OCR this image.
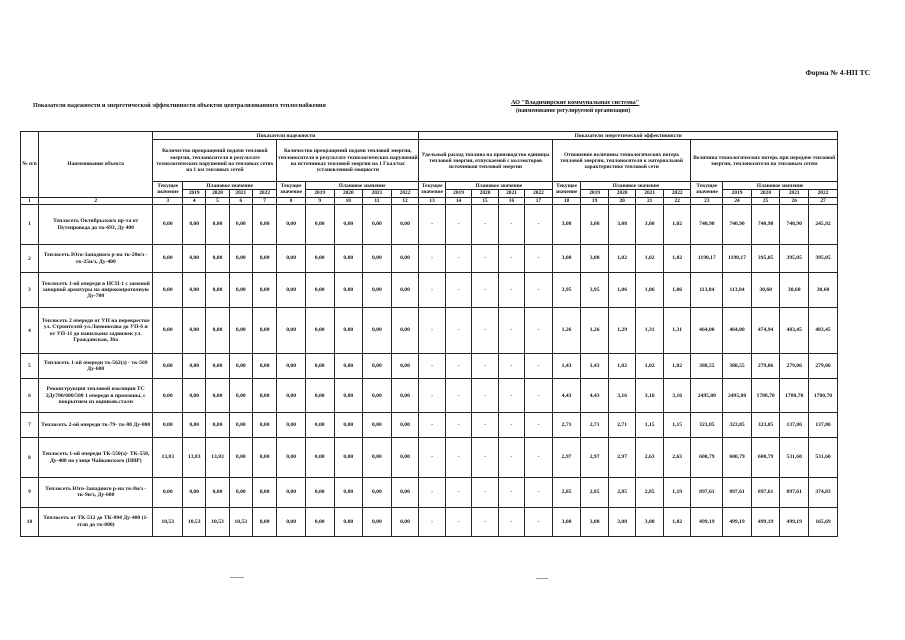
Форма № 4-НП ТС
Показатели надежности и энергетической эффективности объектов централизованного теплоснабжения	АО "Владимирские коммунальные системы"
(наименование регулируемой организации)
№ п/п	Наименование объекта	Показатели надежности										Показатели энергетической эффективности														
		Количество прекращений подачи тепловой энергии, теплоносителя в результате технологических нарушений на тепловых сетях на 1 км тепловых сетей					Количество прекращений подачи тепловой энергии, теплоносителя в результате технологических нарушений на источниках тепловой энергии на 1 Гкал/час установленной мощности					Удельный расход топлива на производство единицы тепловой энергии, отпускаемой с коллекторов источников тепловой энергии					Отношение величины технологических потерь тепловой энергии, теплоносителя к материальной характеристике тепловой сети					Величина технологических потерь при передаче тепловой энергии, теплоносителя по тепловым сетям				
		Текущее значение	Плановое значение				Текущее значение	Плановое значение				Текущее значение	Плановое значение				Текущее значение	Плановое значение				Текущее значение	Плановое значение			
			2019	2020	2021	2022		2019	2020	2021	2022		2019	2020	2021	2022		2019	2020	2021	2022		2019	2020	2021	2022
1	2	3	4	5	6	7	8	9	10	11	12	13	14	15	16	17	18	19	20	21	22	23	24	25	26	27
1	Теплосеть Октябрьского пр-та от Путепровода до тк-693, Ду 400	0,00	0,00	0,00	0,00	0,00	0,00	0,00	0,00	0,00	0,00	-	-	-	-	-	3,08	3,08	3,08	3,08	1,02	740,90	740,90	740,90	740,90	245,92
2	Теплосеть Юго-Западного р-на тк-20н/з - тк-25н/з, Ду-400	0,00	0,00	0,00	0,00	0,00	0,00	0,00	0,00	0,00	0,00	-	-	-	-	-	3,08	3,08	1,02	1,02	1,02	1190,17	1190,17	395,05	395,05	395,05
3	Теплосеть 1-ой очереди в НСП-1 с заменой запорной арматуры на широкопроточную Ду-700	0,00	0,00	0,00	0,00	0,00	0,00	0,00	0,00	0,00	0,00	-	-	-	-	-	3,95	3,95	1,06	1,06	1,06	113,84	113,84	30,60	30,60	30,60
4	Теплосеть 2 очереди от УП на перекрестке ул. Строителей-ул.Ломоносова до УП-6 и от УП-11 до павильона задвижек ул. Гражданская, 36а	0,00	0,00	0,00	0,00	0,00	0,00	0,00	0,00	0,00	0,00	-	-	-	-	-	1,26	1,26	1,29	1,31	1,31	464,00	464,00	474,94	483,45	483,45
5	Теплосеть 1-ой очереди тк-562(з) - тк-569 Ду-600	0,00	0,00	0,00	0,00	0,00	0,00	0,00	0,00	0,00	0,00	-	-	-	-	-	1,43	1,43	1,02	1,02	1,02	388,55	388,55	279,06	279,06	279,06
6	Реконструкция тепловой изоляции ТС 2Ду700/600/500 1 очереди в промзоны, с покрытием из оцинков.стали	0,00	0,00	0,00	0,00	0,00	0,00	0,00	0,00	0,00	0,00	-	-	-	-	-	4,43	4,43	3,16	3,16	3,16	2495,80	2495,80	1780,70	1780,70	1780,70
7	Теплосеть 2-ой очереди тк-79- тк-80 Ду-800	0,00	0,00	0,00	0,00	0,00	0,00	0,00	0,00	0,00	0,00	-	-	-	-	-	2,71	2,71	2,71	1,15	1,15	323,85	323,85	323,85	137,86	137,86
8	Теплосеть 1-ой очереди ТК-550(з)- ТК-558, Ду-400 по улице Чайковского (ПИР)	13,83	13,83	13,83	0,00	0,00	0,00	0,00	0,00	0,00	0,00	-	-	-	-	-	2,97	2,97	2,97	2,63	2,63	600,79	600,79	600,79	531,60	531,60
9	Теплосеть Юго-Западного р-на тк-8н/з - тк-9н/з, Ду-600	0,00	0,00	0,00	0,00	0,00	0,00	0,00	0,00	0,00	0,00	-	-	-	-	-	2,85	2,85	2,85	2,85	1,19	897,61	897,61	897,61	897,61	374,83
10	Теплосеть от ТК-512 до ТК-804 Ду-400 (1-этап до тк-800)	10,53	10,53	10,53	10,53	0,00	0,00	0,00	0,00	0,00	0,00	-	-	-	-	-	3,08	3,08	3,08	3,08	1,02	499,19	499,19	499,19	499,19	165,69
